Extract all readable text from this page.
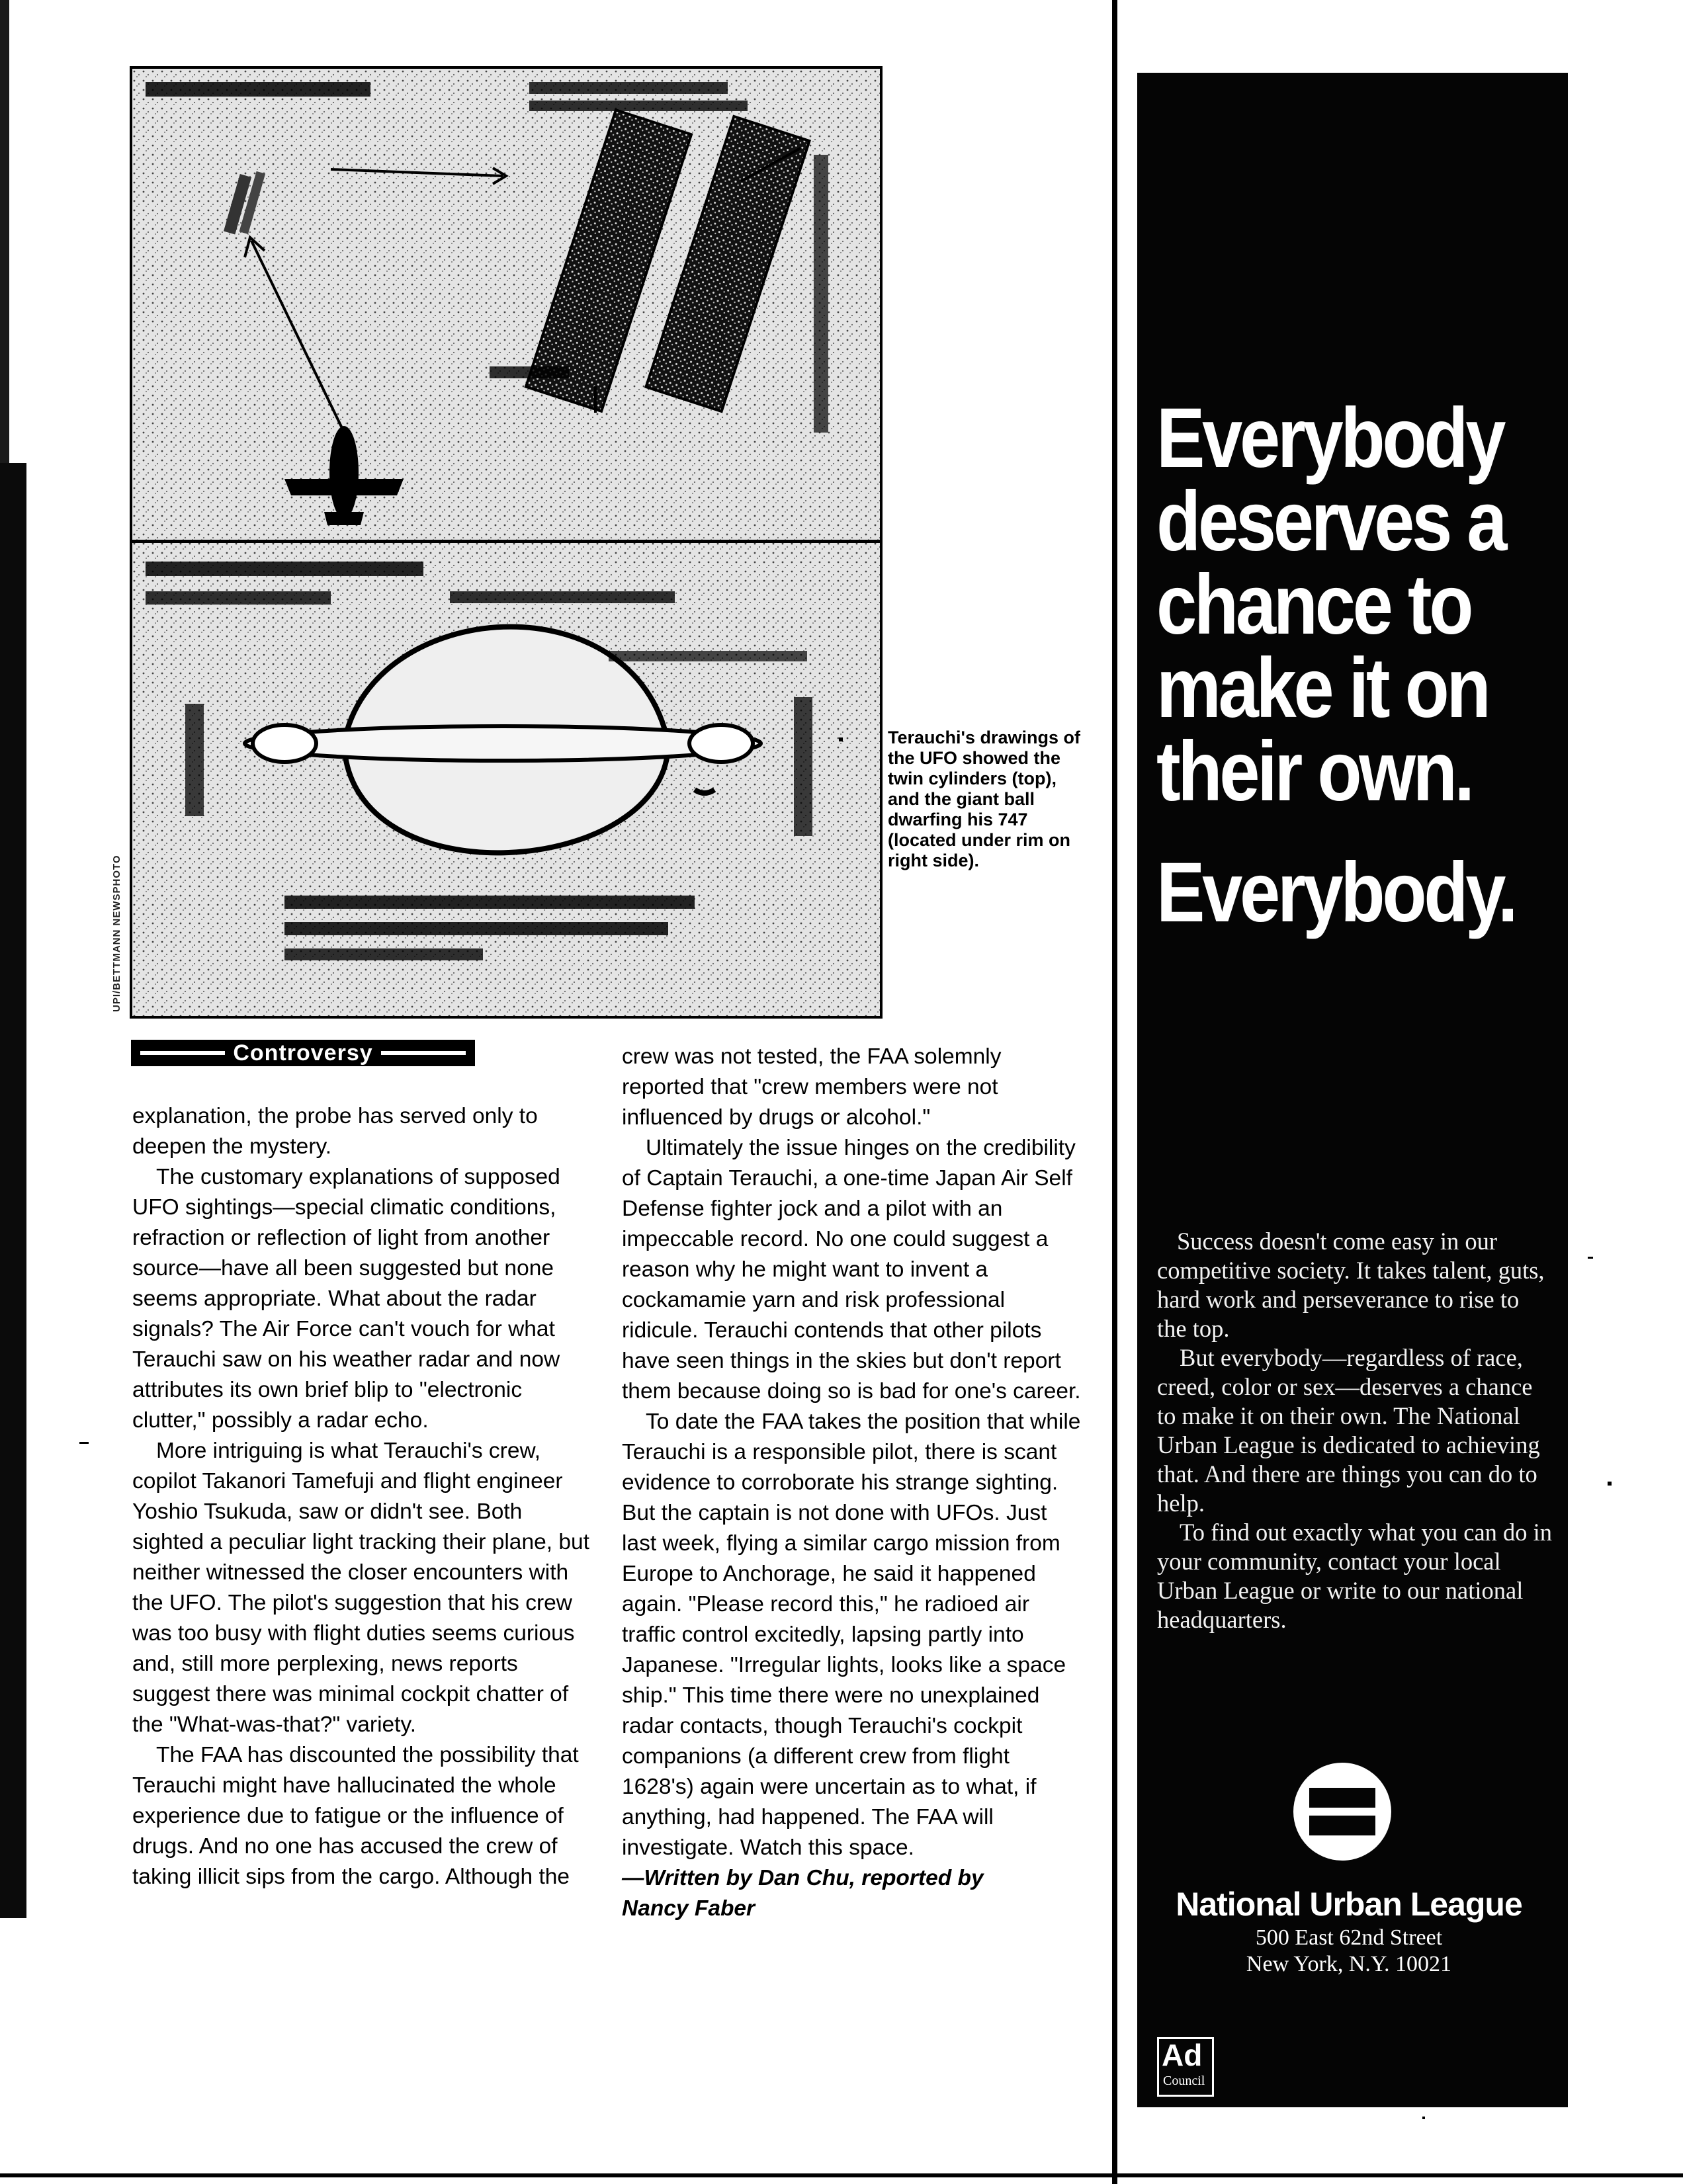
UPI/BETTMANN NEWSPHOTO
Terauchi's drawings of the UFO showed the twin cylinders (top), and the giant ball dwarfing his 747 (located under rim on right side).
Controversy

explanation, the probe has served only to deepen the mystery.

The customary explanations of supposed UFO sightings—special climatic conditions, refraction or reflection of light from another source—have all been suggested but none seems appropriate. What about the radar signals? The Air Force can't vouch for what Terauchi saw on his weather radar and now attributes its own brief blip to "electronic clutter," possibly a radar echo.

More intriguing is what Terauchi's crew, copilot Takanori Tamefuji and flight engineer Yoshio Tsukuda, saw or didn't see. Both sighted a peculiar light tracking their plane, but neither witnessed the closer encounters with the UFO. The pilot's suggestion that his crew was too busy with flight duties seems curious and, still more perplexing, news reports suggest there was minimal cockpit chatter of the "What-was-that?" variety.

The FAA has discounted the possibility that Terauchi might have hallucinated the whole experience due to fatigue or the influence of drugs. And no one has accused the crew of taking illicit sips from the cargo. Although the

crew was not tested, the FAA solemnly reported that "crew members were not influenced by drugs or alcohol."

Ultimately the issue hinges on the credibility of Captain Terauchi, a one-time Japan Air Self Defense fighter jock and a pilot with an impeccable record. No one could suggest a reason why he might want to invent a cockamamie yarn and risk professional ridicule. Terauchi contends that other pilots have seen things in the skies but don't report them because doing so is bad for one's career.

To date the FAA takes the position that while Terauchi is a responsible pilot, there is scant evidence to corroborate his strange sighting. But the captain is not done with UFOs. Just last week, flying a similar cargo mission from Europe to Anchorage, he said it happened again. "Please record this," he radioed air traffic control excitedly, lapsing partly into Japanese. "Irregular lights, looks like a space ship." This time there were no unexplained radar contacts, though Terauchi's cockpit companions (a different crew from flight 1628's) again were uncertain as to what, if anything, had happened. The FAA will investigate. Watch this space.

—Written by Dan Chu, reported by

Nancy Faber

Everybody deserves a chance to make it on their own.
Everybody.

Success doesn't come easy in our competitive society. It takes talent, guts, hard work and perseverance to rise to the top.

But everybody—regardless of race, creed, color or sex—deserves a chance to make it on their own. The National Urban League is dedicated to achieving that. And there are things you can do to help.

To find out exactly what you can do in your community, contact your local Urban League or write to our national headquarters.

National Urban League
500 East 62nd Street
New York, N.Y. 10021
Ad
Council
